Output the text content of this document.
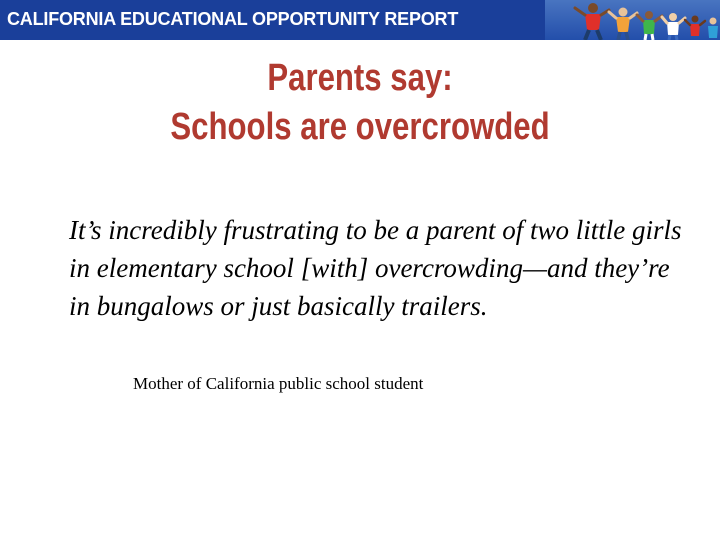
CALIFORNIA EDUCATIONAL OPPORTUNITY REPORT
Parents say:
Schools are overcrowded
It’s incredibly frustrating to be a parent of two little girls in elementary school [with] overcrowding—and they’re in bungalows or just basically trailers.
Mother of California public school student
